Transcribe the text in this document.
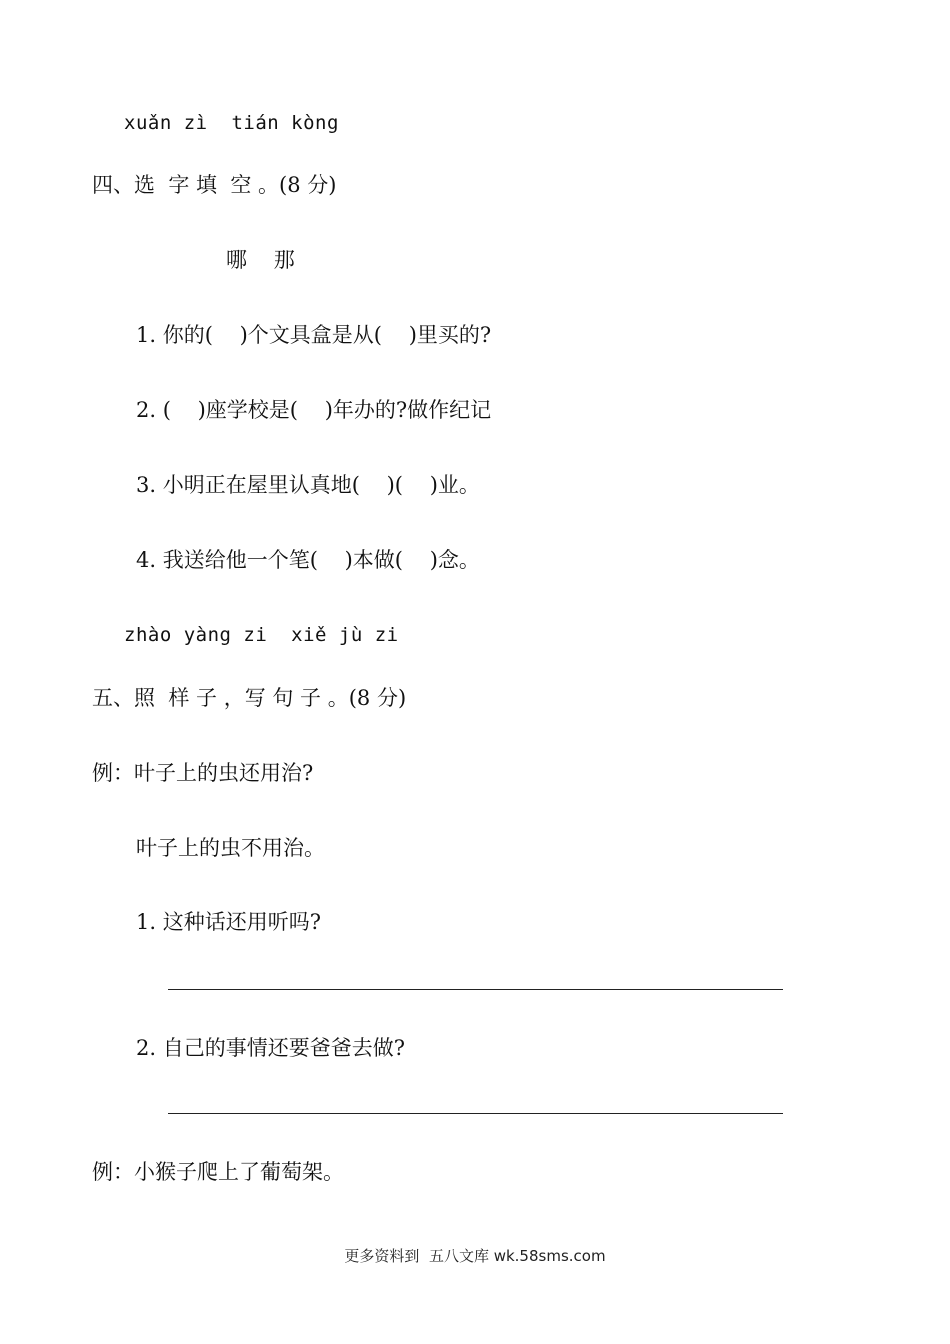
xuǎn zì  tián kòng
四、选  字 填  空 。(8 分)
哪    那
1. 你的(    )个文具盒是从(    )里买的?
2. (    )座学校是(    )年办的?做作纪记
3. 小明正在屋里认真地(    )(    )业。
4. 我送给他一个笔(    )本做(    )念。
zhào yàng zi  xiě jù zi
五、照  样 子 ，写 句 子 。(8 分)
例：叶子上的虫还用治?
叶子上的虫不用治。
1. 这种话还用听吗?
2. 自己的事情还要爸爸去做?
例：小猴子爬上了葡萄架。
更多资料到  五八文库 wk.58sms.com
